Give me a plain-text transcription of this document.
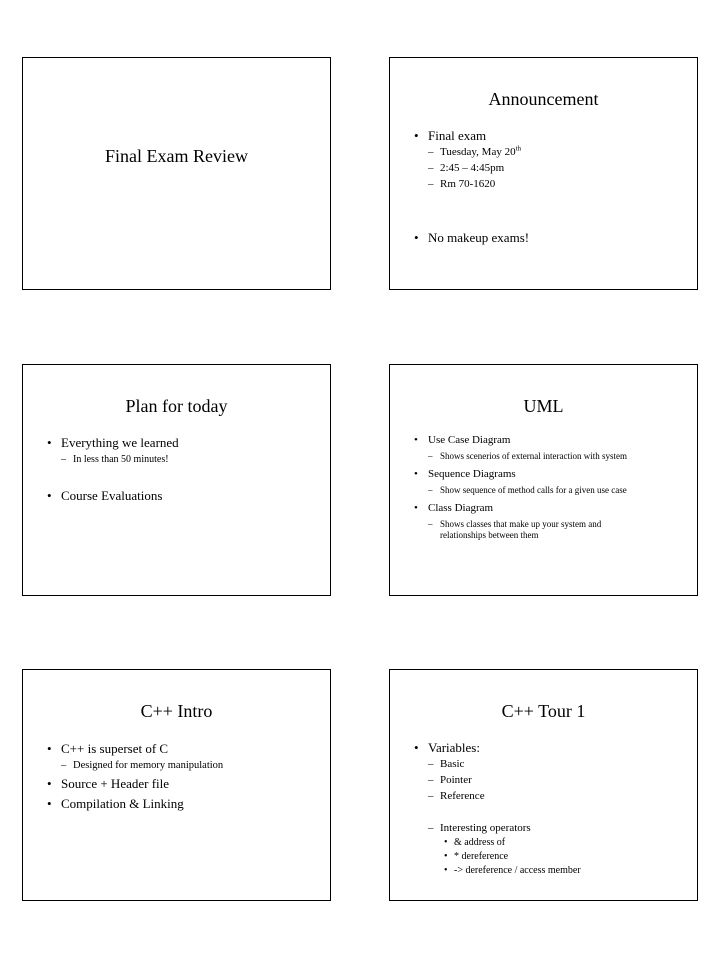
Final Exam Review
Announcement
• Final exam
– Tuesday, May 20th
– 2:45 – 4:45pm
– Rm 70-1620
• No makeup exams!
Plan for today
• Everything we learned
– In less than 50 minutes!
• Course Evaluations
UML
• Use Case Diagram
– Shows scenerios of external interaction with system
• Sequence Diagrams
– Show sequence of method calls for a given use case
• Class Diagram
– Shows classes that make up your system and
relationships between them
C++ Intro
• C++ is superset of C
– Designed for memory manipulation
• Source + Header file
• Compilation & Linking
C++ Tour 1
• Variables:
– Basic
– Pointer
– Reference
– Interesting operators
• & address of
• * dereference
• -> dereference / access member
